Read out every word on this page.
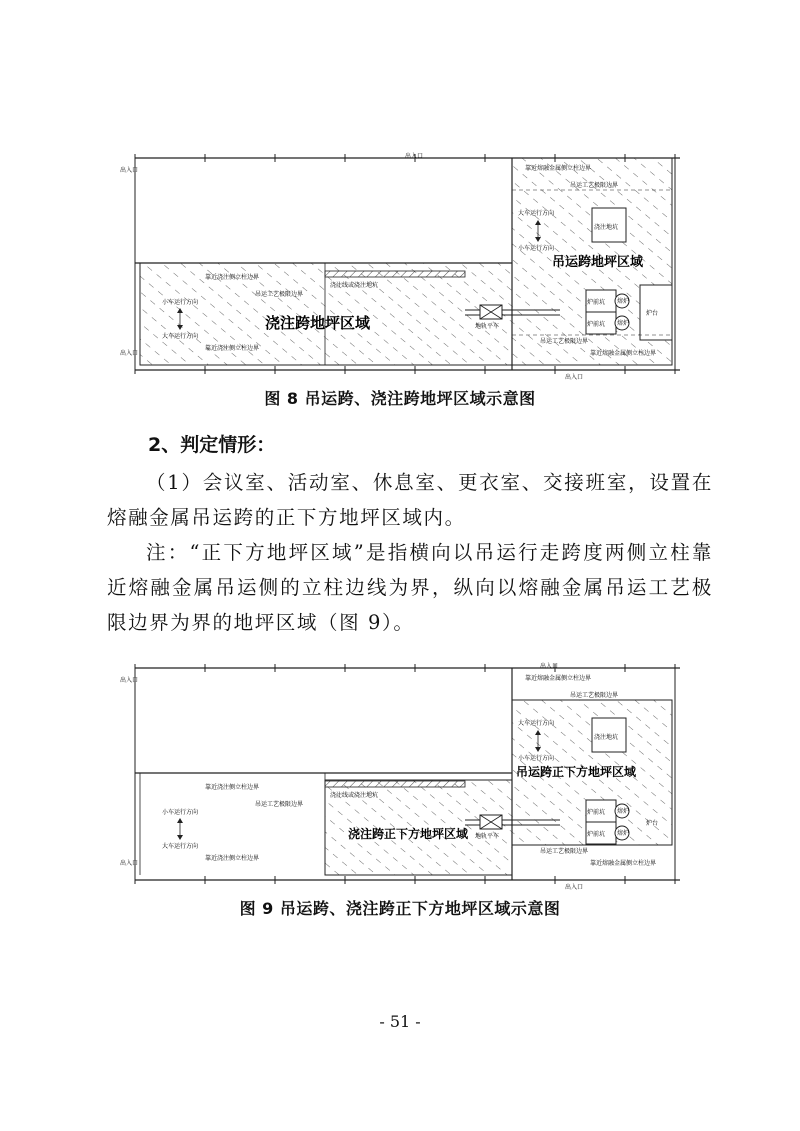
出入口
出入口
出入口
出入口
靠近浇注侧立柱边界
吊运工艺极限边界
浇注线或浇注地坑
小车运行方向
大车运行方向
靠近浇注侧立柱边界
地轨平车
浇注跨地坪区域
靠近熔融金属侧立柱边界
吊运工艺极限边界
大车运行方向
小车运行方向
浇注地坑
吊运跨地坪区域
炉前坑
炉前坑
熔炉
熔炉
炉台
吊运工艺极限边界
靠近熔融金属侧立柱边界
图 8 吊运跨、浇注跨地坪区域示意图
2、判定情形：
（1）会议室、活动室、休息室、更衣室、交接班室，设置在熔融金属吊运跨的正下方地坪区域内。
注：“正下方地坪区域”是指横向以吊运行走跨度两侧立柱靠近熔融金属吊运侧的立柱边线为界，纵向以熔融金属吊运工艺极限边界为界的地坪区域（图 9）。
出入口
出入口
出入口
出入口
靠近浇注侧立柱边界
吊运工艺极限边界
浇注线或浇注地坑
小车运行方向
大车运行方向
靠近浇注侧立柱边界
地轨平车
浇注跨正下方地坪区域
靠近熔融金属侧立柱边界
吊运工艺极限边界
大车运行方向
小车运行方向
浇注地坑
吊运跨正下方地坪区域
炉前坑
炉前坑
熔炉
熔炉
炉台
吊运工艺极限边界
靠近熔融金属侧立柱边界
图 9 吊运跨、浇注跨正下方地坪区域示意图
- 51 -
